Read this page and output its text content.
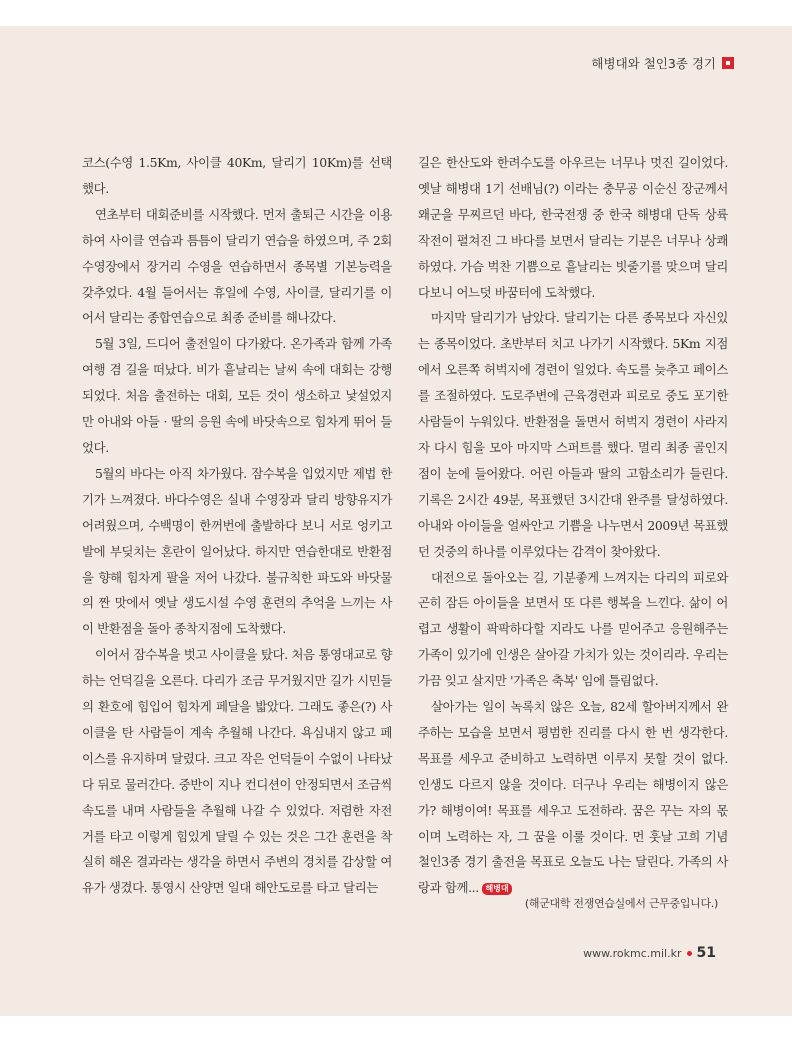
해병대와 철인3종 경기

코스(수영 1.5Km, 사이클 40Km, 달리기 10Km)를 선택했다.

연초부터 대회준비를 시작했다. 먼저 출퇴근 시간을 이용하여 사이클 연습과 틈틈이 달리기 연습을 하였으며, 주 2회 수영장에서 장거리 수영을 연습하면서 종목별 기본능력을 갖추었다. 4월 들어서는 휴일에 수영, 사이클, 달리기를 이어서 달리는 종합연습으로 최종 준비를 해나갔다.

5월 3일, 드디어 출전일이 다가왔다. 온가족과 함께 가족여행 겸 길을 떠났다. 비가 흩날리는 날씨 속에 대회는 강행되었다. 처음 출전하는 대회, 모든 것이 생소하고 낯설었지만 아내와 아들 · 딸의 응원 속에 바닷속으로 힘차게 뛰어 들었다.

5월의 바다는 아직 차가웠다. 잠수복을 입었지만 제법 한기가 느껴졌다. 바다수영은 실내 수영장과 달리 방향유지가 어려웠으며, 수백명이 한꺼번에 출발하다 보니 서로 엉키고 발에 부딪치는 혼란이 일어났다. 하지만 연습한대로 반환점을 향해 힘차게 팔을 저어 나갔다. 불규칙한 파도와 바닷물의 짠 맛에서 옛날 생도시설 수영 훈련의 추억을 느끼는 사이 반환점을 돌아 종착지점에 도착했다.

이어서 잠수복을 벗고 사이클을 탔다. 처음 통영대교로 향하는 언덕길을 오른다. 다리가 조금 무거웠지만 길가 시민들의 환호에 힘입어 힘차게 페달을 밟았다. 그래도 좋은(?) 사이클을 탄 사람들이 계속 추월해 나간다. 욕심내지 않고 페이스를 유지하며 달렸다. 크고 작은 언덕들이 수없이 나타났다 뒤로 물러간다. 중반이 지나 컨디션이 안정되면서 조금씩 속도를 내며 사람들을 추월해 나갈 수 있었다. 저렴한 자전거를 타고 이렇게 힘있게 달릴 수 있는 것은 그간 훈련을 착실히 해온 결과라는 생각을 하면서 주변의 경치를 감상할 여유가 생겼다. 통영시 산양면 일대 해안도로를 타고 달리는

길은 한산도와 한려수도를 아우르는 너무나 멋진 길이었다. 옛날 해병대 1기 선배님(?) 이라는 충무공 이순신 장군께서 왜군을 무찌르던 바다, 한국전쟁 중 한국 해병대 단독 상륙작전이 펼쳐진 그 바다를 보면서 달리는 기분은 너무나 상쾌하였다. 가슴 벅찬 기쁨으로 흩날리는 빗줄기를 맞으며 달리다보니 어느덧 바꿈터에 도착했다.

마지막 달리기가 남았다. 달리기는 다른 종목보다 자신있는 종목이었다. 초반부터 치고 나가기 시작했다. 5Km 지점에서 오른쪽 허벅지에 경련이 일었다. 속도를 늦추고 페이스를 조절하였다. 도로주변에 근육경련과 피로로 중도 포기한 사람들이 누워있다. 반환점을 돌면서 허벅지 경련이 사라지자 다시 힘을 모아 마지막 스퍼트를 했다. 멀리 최종 골인지점이 눈에 들어왔다. 어린 아들과 딸의 고함소리가 들린다. 기록은 2시간 49분, 목표했던 3시간대 완주를 달성하였다. 아내와 아이들을 얼싸안고 기쁨을 나누면서 2009년 목표했던 것중의 하나를 이루었다는 감격이 찾아왔다.

대전으로 돌아오는 길, 기분좋게 느껴지는 다리의 피로와 곤히 잠든 아이들을 보면서 또 다른 행복을 느낀다. 삶이 어렵고 생활이 팍팍하다할 지라도 나를 믿어주고 응원해주는 가족이 있기에 인생은 살아갈 가치가 있는 것이리라. 우리는 가끔 잊고 살지만 '가족은 축복' 임에 틀림없다.

살아가는 일이 녹록치 않은 오늘, 82세 할아버지께서 완주하는 모습을 보면서 평범한 진리를 다시 한 번 생각한다. 목표를 세우고 준비하고 노력하면 이루지 못할 것이 없다. 인생도 다르지 않을 것이다. 더구나 우리는 해병이지 않은가? 해병이여! 목표를 세우고 도전하라. 꿈은 꾸는 자의 몫이며 노력하는 자, 그 꿈을 이룰 것이다. 먼 훗날 고희 기념 철인3종 경기 출전을 목표로 오늘도 나는 달린다. 가족의 사랑과 함께... 해병대

(해군대학 전쟁연습실에서 근무중입니다.)
www.rokmc.mil.kr 51
